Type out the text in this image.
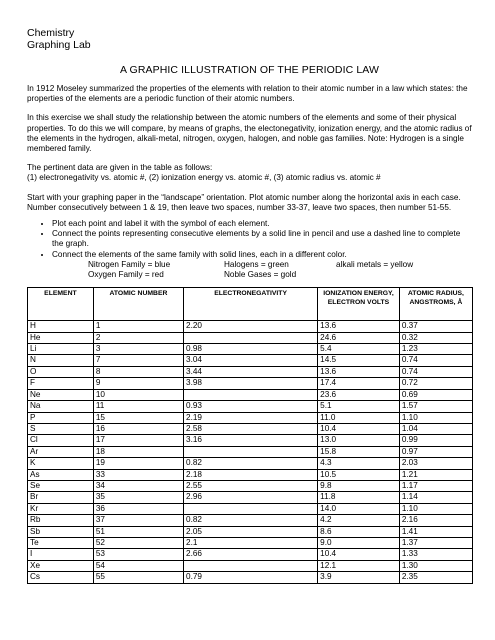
Chemistry
Graphing Lab
A GRAPHIC ILLUSTRATION OF THE PERIODIC LAW

In 1912 Moseley summarized the properties of the elements with relation to their atomic number in a law which states: the properties of the elements are a periodic function of their atomic numbers.

In this exercise we shall study the relationship between the atomic numbers of the elements and some of their physical properties. To do this we will compare, by means of graphs, the electonegativity, ionization energy, and the atomic radius of the elements in the hydrogen, alkali-metal, nitrogen, oxygen, halogen, and noble gas families. Note: Hydrogen is a single membered family.

The pertinent data are given in the table as follows:
(1) electronegativity vs. atomic #, (2) ionization energy vs. atomic #, (3) atomic radius vs. atomic #

Start with your graphing paper in the “landscape” orientation. Plot atomic number along the horizontal axis in each case. Number consecutively between 1 & 19, then leave two spaces, number 33-37, leave two spaces, then number 51-55.

• Plot each point and label it with the symbol of each element.
• Connect the points representing consecutive elements by a solid line in pencil and use a dashed line to complete the graph.
• Connect the elements of the same family with solid lines, each in a different color.
Nitrogen Family = blue	Halogens = green	alkali metals = yellow
Oxygen Family = red	Noble Gases = gold
ELEMENT	ATOMIC NUMBER	ELECTRONEGATIVITY	IONIZATION ENERGY, ELECTRON VOLTS	ATOMIC RADIUS, ANGSTROMS, Å
H	1	2.20	13.6	0.37
He	2		24.6	0.32
Li	3	0.98	5.4	1.23
N	7	3.04	14.5	0.74
O	8	3.44	13.6	0.74
F	9	3.98	17.4	0.72
Ne	10		23.6	0.69
Na	11	0.93	5.1	1.57
P	15	2.19	11.0	1.10
S	16	2.58	10.4	1.04
Cl	17	3.16	13.0	0.99
Ar	18		15.8	0.97
K	19	0.82	4.3	2.03
As	33	2.18	10.5	1.21
Se	34	2.55	9.8	1.17
Br	35	2.96	11.8	1.14
Kr	36		14.0	1.10
Rb	37	0.82	4.2	2.16
Sb	51	2.05	8.6	1.41
Te	52	2.1	9.0	1.37
I	53	2.66	10.4	1.33
Xe	54		12.1	1.30
Cs	55	0.79	3.9	2.35
